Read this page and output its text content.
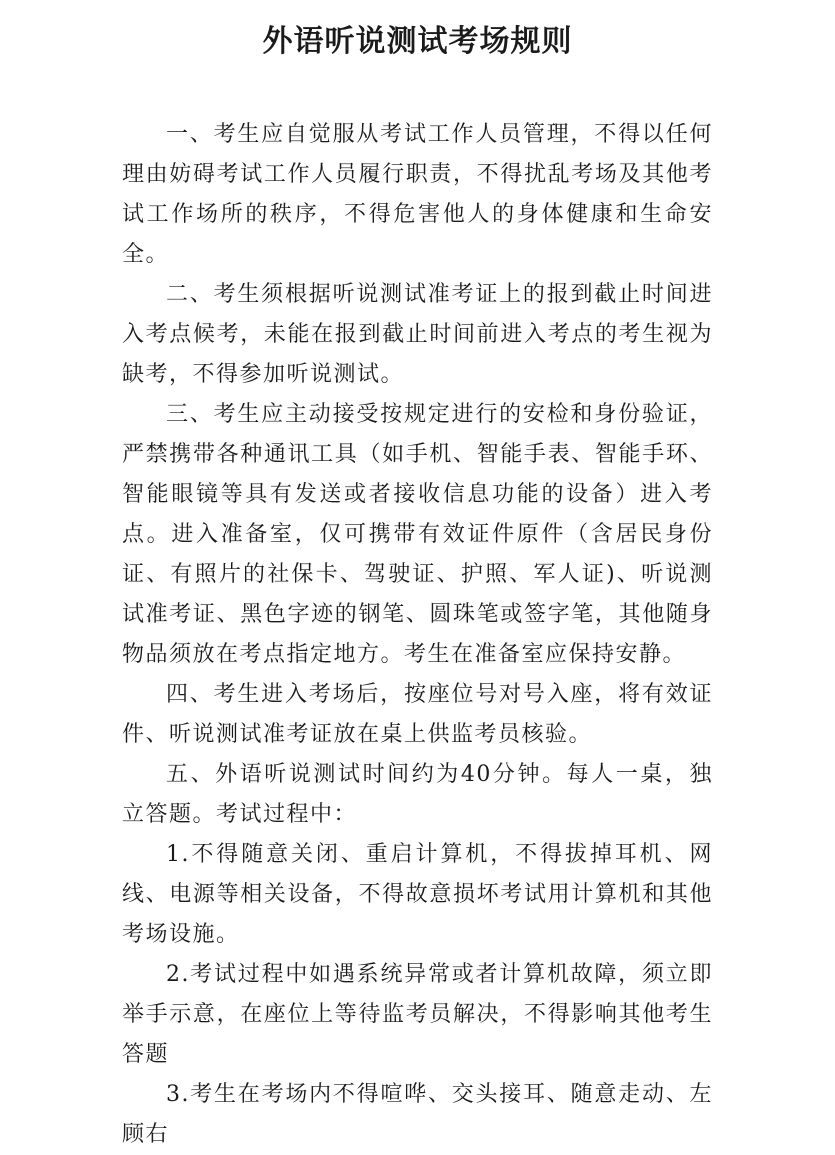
外语听说测试考场规则

一、考生应自觉服从考试工作人员管理，不得以任何理由妨碍考试工作人员履行职责，不得扰乱考场及其他考试工作场所的秩序，不得危害他人的身体健康和生命安全。

二、考生须根据听说测试准考证上的报到截止时间进入考点候考，未能在报到截止时间前进入考点的考生视为缺考，不得参加听说测试。

三、考生应主动接受按规定进行的安检和身份验证，严禁携带各种通讯工具（如手机、智能手表、智能手环、智能眼镜等具有发送或者接收信息功能的设备）进入考点。进入准备室，仅可携带有效证件原件（含居民身份证、有照片的社保卡、驾驶证、护照、军人证)、听说测试准考证、黑色字迹的钢笔、圆珠笔或签字笔，其他随身物品须放在考点指定地方。考生在准备室应保持安静。

四、考生进入考场后，按座位号对号入座，将有效证件、听说测试准考证放在桌上供监考员核验。

五、外语听说测试时间约为40分钟。每人一桌，独立答题。考试过程中：

1.不得随意关闭、重启计算机，不得拔掉耳机、网线、电源等相关设备，不得故意损坏考试用计算机和其他考场设施。

2.考试过程中如遇系统异常或者计算机故障，须立即举手示意，在座位上等待监考员解决，不得影响其他考生答题

3.考生在考场内不得喧哗、交头接耳、随意走动、左顾右
